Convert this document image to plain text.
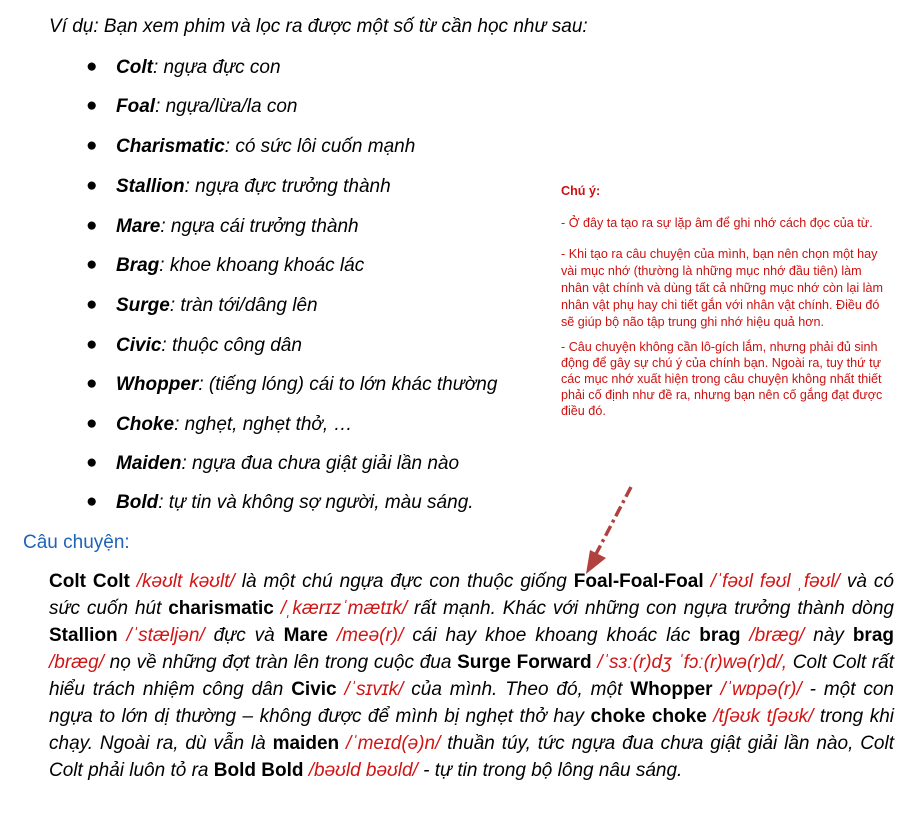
Ví dụ: Bạn xem phim và lọc ra được một số từ cần học như sau:

● Colt: ngựa đực con
● Foal: ngựa/lừa/la con
● Charismatic: có sức lôi cuốn mạnh
● Stallion: ngựa đực trưởng thành
● Mare: ngựa cái trưởng thành
● Brag: khoe khoang khoác lác
● Surge: tràn tới/dâng lên
● Civic: thuộc công dân
● Whopper: (tiếng lóng) cái to lớn khác thường
● Choke: nghẹt, nghẹt thở, …
● Maiden: ngựa đua chưa giật giải lần nào
● Bold: tự tin và không sợ người, màu sáng.
Chú ý:

- Ở đây ta tạo ra sự lặp âm để ghi nhớ cách đọc của từ.

- Khi tạo ra câu chuyện của mình, bạn nên chọn một hay vài mục nhớ (thường là những mục nhớ đầu tiên) làm nhân vật chính và dùng tất cả những mục nhớ còn lại làm nhân vật phụ hay chi tiết gắn với nhân vật chính. Điều đó sẽ giúp bộ não tập trung ghi nhớ hiệu quả hơn.

- Câu chuyện không cần lô-gích lắm, nhưng phải đủ sinh động để gây sự chú ý của chính bạn. Ngoài ra, tuy thứ tự các mục nhớ xuất hiện trong câu chuyện không nhất thiết phải cố định như đề ra, nhưng bạn nên cố gắng đạt được điều đó.

Câu chuyện:

Colt Colt /kəʊlt kəʊlt/ là một chú ngựa đực con thuộc giống Foal-Foal-Foal /ˈfəʊl fəʊl ˌfəʊl/ và có sức cuốn hút charismatic /ˌkærɪzˈmætɪk/ rất mạnh. Khác với những con ngựa trưởng thành dòng Stallion /ˈstæljən/ đực và Mare /meə(r)/ cái hay khoe khoang khoác lác brag /bræɡ/ này brag /bræɡ/ nọ về những đợt tràn lên trong cuộc đua Surge Forward /ˈsɜː(r)dʒ ˈfɔː(r)wə(r)d/, Colt Colt rất hiểu trách nhiệm công dân Civic /ˈsɪvɪk/ của mình. Theo đó, một Whopper /ˈwɒpə(r)/ - một con ngựa to lớn dị thường – không được để mình bị nghẹt thở hay choke choke /tʃəʊk tʃəʊk/ trong khi chạy. Ngoài ra, dù vẫn là maiden /ˈmeɪd(ə)n/ thuần túy, tức ngựa đua chưa giật giải lần nào, Colt Colt phải luôn tỏ ra Bold Bold /bəʊld bəʊld/ - tự tin trong bộ lông nâu sáng.
